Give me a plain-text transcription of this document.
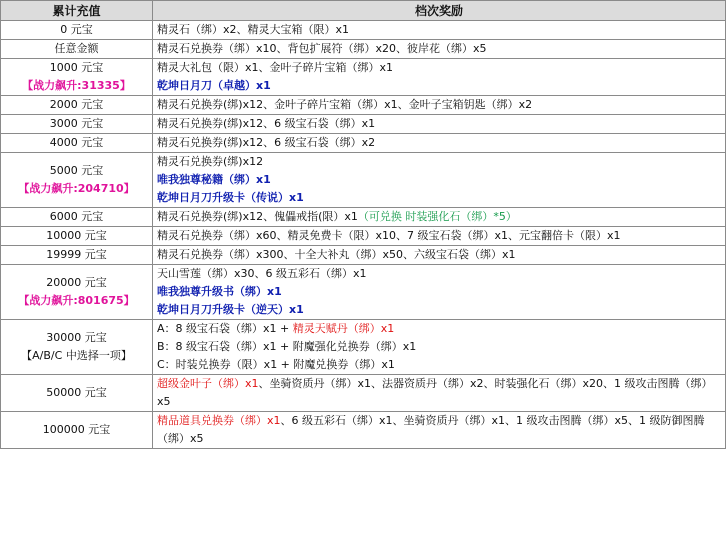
累计充值	档次奖励

0 元宝	精灵石（绑）x2、精灵大宝箱（限）x1

任意金额	精灵石兑换券（绑）x10、背包扩展符（绑）x20、彼岸花（绑）x5

1000 元宝
【战力飙升:31335】	精灵大礼包（限）x1、金叶子碎片宝箱（绑）x1
乾坤日月刀（卓越）x1

2000 元宝	精灵石兑换券(绑)x12、金叶子碎片宝箱（绑）x1、金叶子宝箱钥匙（绑）x2

3000 元宝	精灵石兑换券(绑)x12、6 级宝石袋（绑）x1

4000 元宝	精灵石兑换券(绑)x12、6 级宝石袋（绑）x2

5000 元宝
【战力飙升:204710】	精灵石兑换券(绑)x12
唯我独尊秘籍（绑）x1
乾坤日月刀升级卡（传说）x1

6000 元宝	精灵石兑换券(绑)x12、傀儡戒指(限）x1（可兑换 时装强化石（绑）*5）

10000 元宝	精灵石兑换券（绑）x60、精灵免费卡（限）x10、7 级宝石袋（绑）x1、元宝翻倍卡（限）x1

19999 元宝	精灵石兑换券（绑）x300、十全大补丸（绑）x50、六级宝石袋（绑）x1

20000 元宝
【战力飙升:801675】	天山雪莲（绑）x30、6 级五彩石（绑）x1
唯我独尊升级书（绑）x1
乾坤日月刀升级卡（逆天）x1

30000 元宝
【A/B/C 中选择一项】	A：8 级宝石袋（绑）x1 + 精灵天赋丹（绑）x1
B：8 级宝石袋（绑）x1 + 附魔强化兑换券（绑）x1
C：时装兑换券（限）x1 + 附魔兑换券（绑）x1

50000 元宝	超级金叶子（绑）x1、坐骑资质丹（绑）x1、法器资质丹（绑）x2、时装强化石（绑）x20、1 级攻击图腾（绑）x5

100000 元宝	精品道具兑换券（绑）x1、6 级五彩石（绑）x1、坐骑资质丹（绑）x1、1 级攻击图腾（绑）x5、1 级防御图腾（绑）x5
